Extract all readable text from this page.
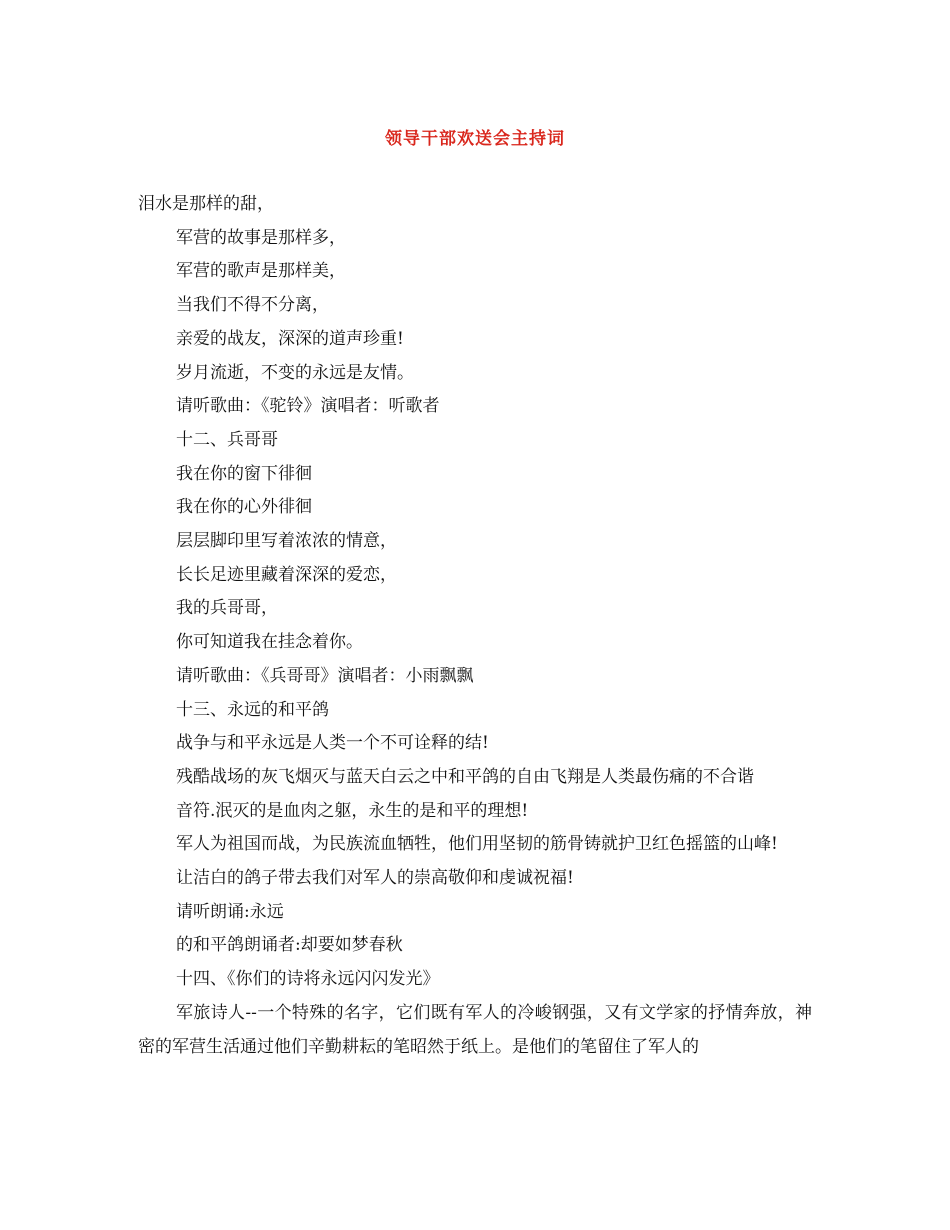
领导干部欢送会主持词
泪水是那样的甜，
军营的故事是那样多，
军营的歌声是那样美，
当我们不得不分离，
亲爱的战友，深深的道声珍重!
岁月流逝，不变的永远是友情。
请听歌曲：《驼铃》演唱者：听歌者
十二、兵哥哥
我在你的窗下徘徊
我在你的心外徘徊
层层脚印里写着浓浓的情意，
长长足迹里藏着深深的爱恋，
我的兵哥哥，
你可知道我在挂念着你。
请听歌曲：《兵哥哥》演唱者：小雨飘飘
十三、永远的和平鸽
战争与和平永远是人类一个不可诠释的结!
残酷战场的灰飞烟灭与蓝天白云之中和平鸽的自由飞翔是人类最伤痛的不合谐
音符.泯灭的是血肉之躯，永生的是和平的理想!
军人为祖国而战，为民族流血牺牲，他们用坚韧的筋骨铸就护卫红色摇篮的山峰!
让洁白的鸽子带去我们对军人的崇高敬仰和虔诚祝福!
请听朗诵:永远
的和平鸽朗诵者:却要如梦春秋
十四、《你们的诗将永远闪闪发光》
军旅诗人--一个特殊的名字，它们既有军人的冷峻钢强，又有文学家的抒情奔放，神密的军营生活通过他们辛勤耕耘的笔昭然于纸上。是他们的笔留住了军人的
